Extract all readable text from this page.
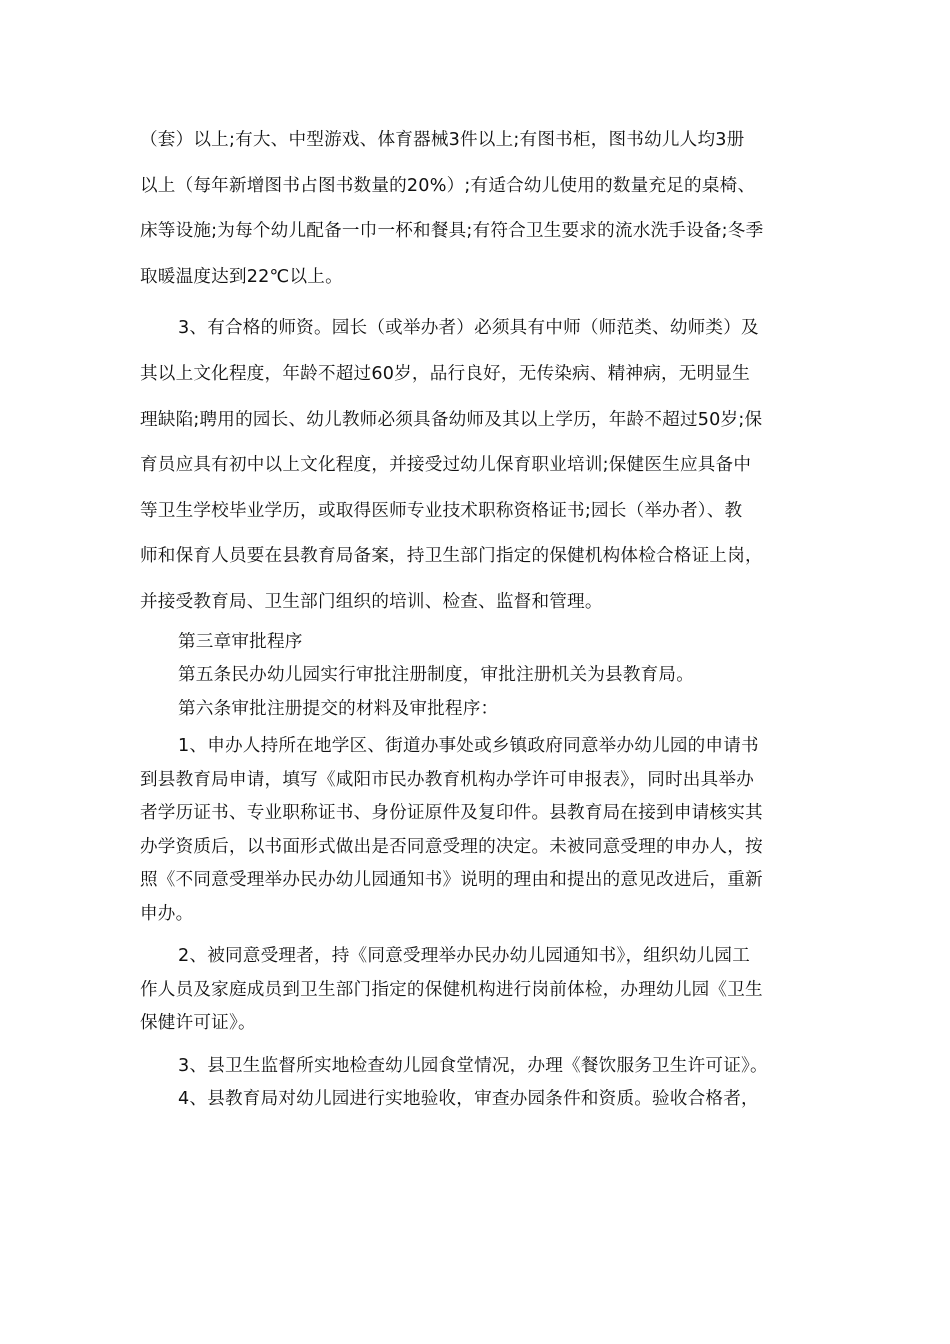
（套）以上;有大、中型游戏、体育器械3件以上;有图书柜，图书幼儿人均3册
以上（每年新增图书占图书数量的20%）;有适合幼儿使用的数量充足的桌椅、
床等设施;为每个幼儿配备一巾一杯和餐具;有符合卫生要求的流水洗手设备;冬季
取暖温度达到22℃以上。
3、有合格的师资。园长（或举办者）必须具有中师（师范类、幼师类）及
其以上文化程度，年龄不超过60岁，品行良好，无传染病、精神病，无明显生
理缺陷;聘用的园长、幼儿教师必须具备幼师及其以上学历，年龄不超过50岁;保
育员应具有初中以上文化程度，并接受过幼儿保育职业培训;保健医生应具备中
等卫生学校毕业学历，或取得医师专业技术职称资格证书;园长（举办者）、教
师和保育人员要在县教育局备案，持卫生部门指定的保健机构体检合格证上岗，
并接受教育局、卫生部门组织的培训、检查、监督和管理。
第三章审批程序
第五条民办幼儿园实行审批注册制度，审批注册机关为县教育局。
第六条审批注册提交的材料及审批程序：
1、申办人持所在地学区、街道办事处或乡镇政府同意举办幼儿园的申请书
到县教育局申请，填写《咸阳市民办教育机构办学许可申报表》，同时出具举办
者学历证书、专业职称证书、身份证原件及复印件。县教育局在接到申请核实其
办学资质后，以书面形式做出是否同意受理的决定。未被同意受理的申办人，按
照《不同意受理举办民办幼儿园通知书》说明的理由和提出的意见改进后，重新
申办。
2、被同意受理者，持《同意受理举办民办幼儿园通知书》，组织幼儿园工
作人员及家庭成员到卫生部门指定的保健机构进行岗前体检，办理幼儿园《卫生
保健许可证》。
3、县卫生监督所实地检查幼儿园食堂情况，办理《餐饮服务卫生许可证》。
4、县教育局对幼儿园进行实地验收，审查办园条件和资质。验收合格者，
